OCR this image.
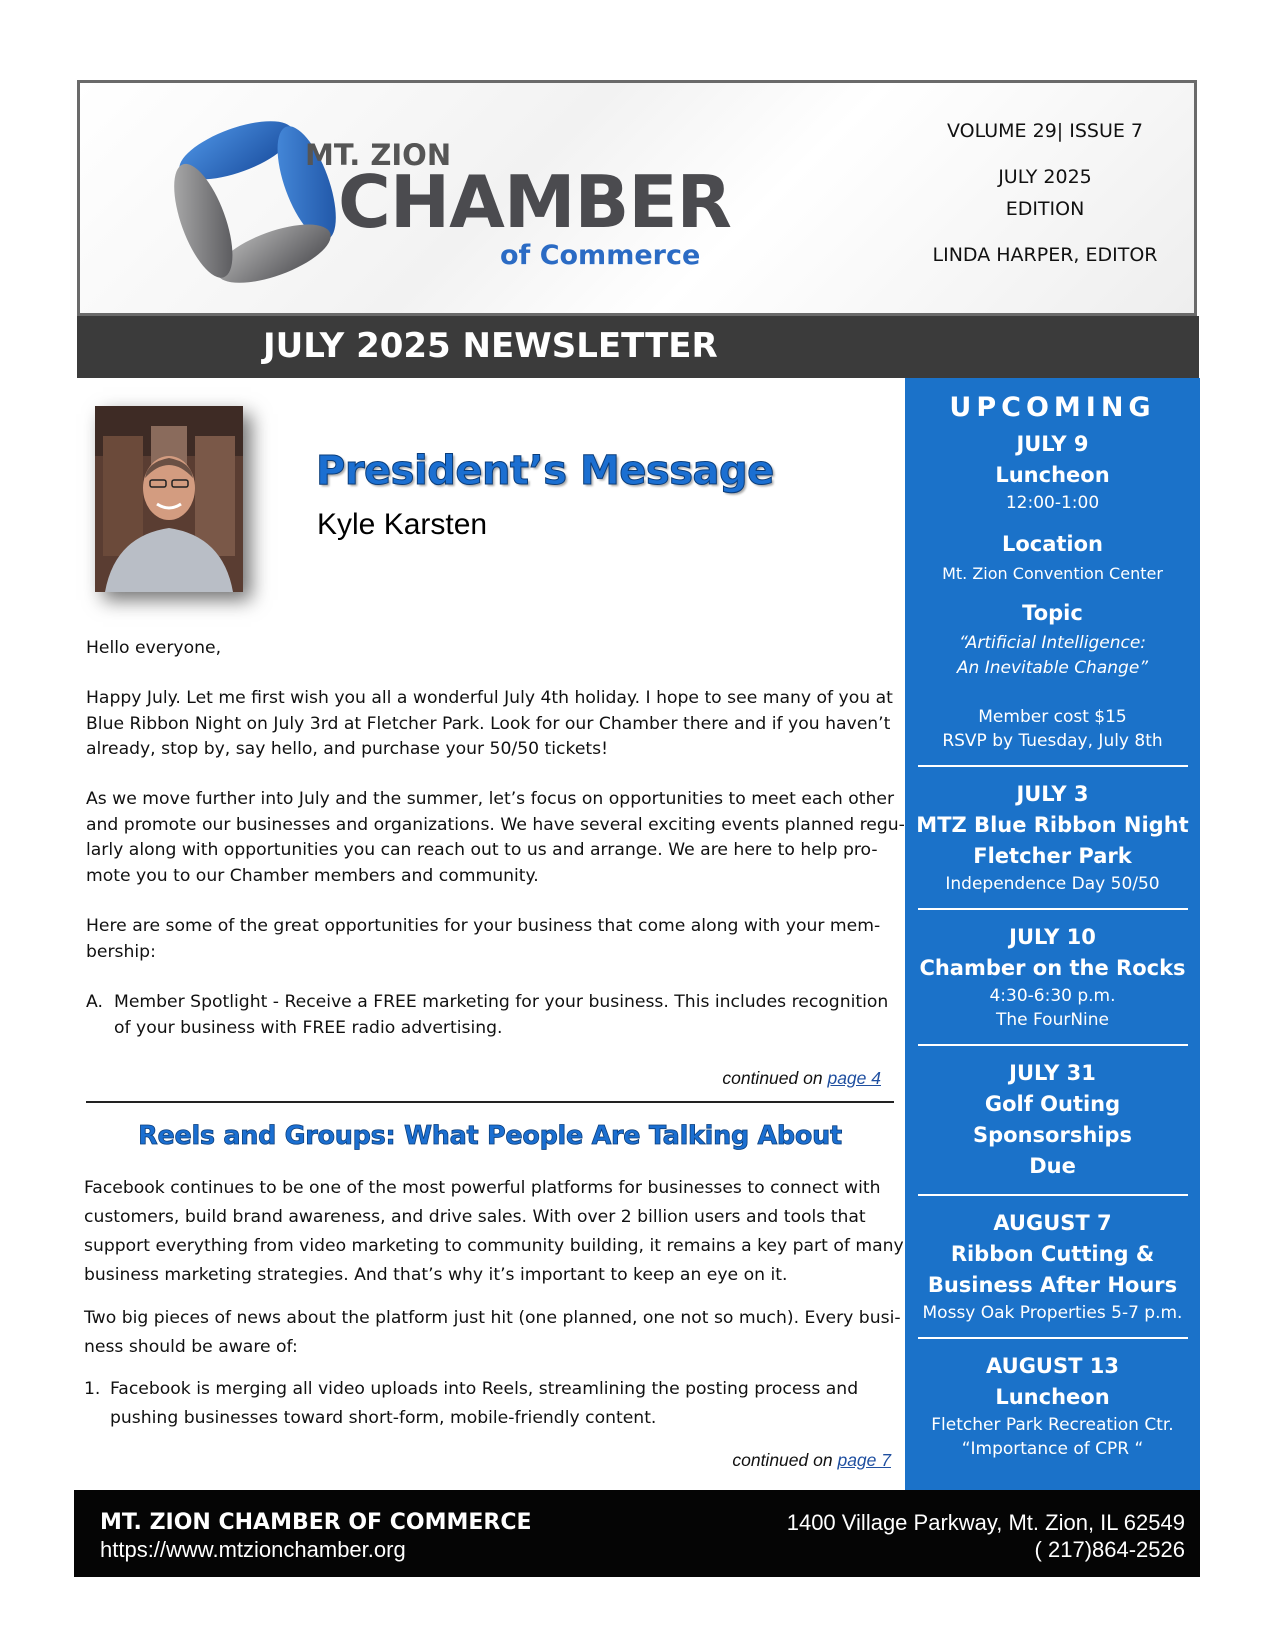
MT. ZION
CHAMBER
of Commerce
VOLUME 29| ISSUE 7
JULY 2025
EDITION
LINDA HARPER, EDITOR
JULY 2025 NEWSLETTER
President’s Message
Kyle Karsten
Hello everyone,
Happy July. Let me first wish you all a wonderful July 4th holiday. I hope to see many of you at
Blue Ribbon Night on July 3rd at Fletcher Park. Look for our Chamber there and if you haven’t
already, stop by, say hello, and purchase your 50/50 tickets!
As we move further into July and the summer, let’s focus on opportunities to meet each other
and promote our businesses and organizations. We have several exciting events planned regu-
larly along with opportunities you can reach out to us and arrange. We are here to help pro-
mote you to our Chamber members and community.
Here are some of the great opportunities for your business that come along with your mem-
bership:
A. Member Spotlight - Receive a FREE marketing for your business. This includes recognition
of your business with FREE radio advertising.
continued on page 4
Reels and Groups: What People Are Talking About
Facebook continues to be one of the most powerful platforms for businesses to connect with
customers, build brand awareness, and drive sales. With over 2 billion users and tools that
support everything from video marketing to community building, it remains a key part of many
business marketing strategies. And that’s why it’s important to keep an eye on it.
Two big pieces of news about the platform just hit (one planned, one not so much). Every busi-
ness should be aware of:
1. Facebook is merging all video uploads into Reels, streamlining the posting process and
pushing businesses toward short-form, mobile-friendly content.
continued on page 7
UPCOMING
JULY 9
Luncheon
12:00-1:00
Location
Mt. Zion Convention Center
Topic
“Artificial Intelligence:
An Inevitable Change”
Member cost $15
RSVP by Tuesday, July 8th
JULY 3
MTZ Blue Ribbon Night
Fletcher Park
Independence Day 50/50
JULY 10
Chamber on the Rocks
4:30-6:30 p.m.
The FourNine
JULY 31
Golf Outing Sponsorships
Due
AUGUST 7
Ribbon Cutting &
Business After Hours
Mossy Oak Properties 5-7 p.m.
AUGUST 13
Luncheon
Fletcher Park Recreation Ctr.
“Importance of CPR “
MT. ZION CHAMBER OF COMMERCE
https://www.mtzionchamber.org
1400 Village Parkway, Mt. Zion, IL 62549
( 217)864-2526
